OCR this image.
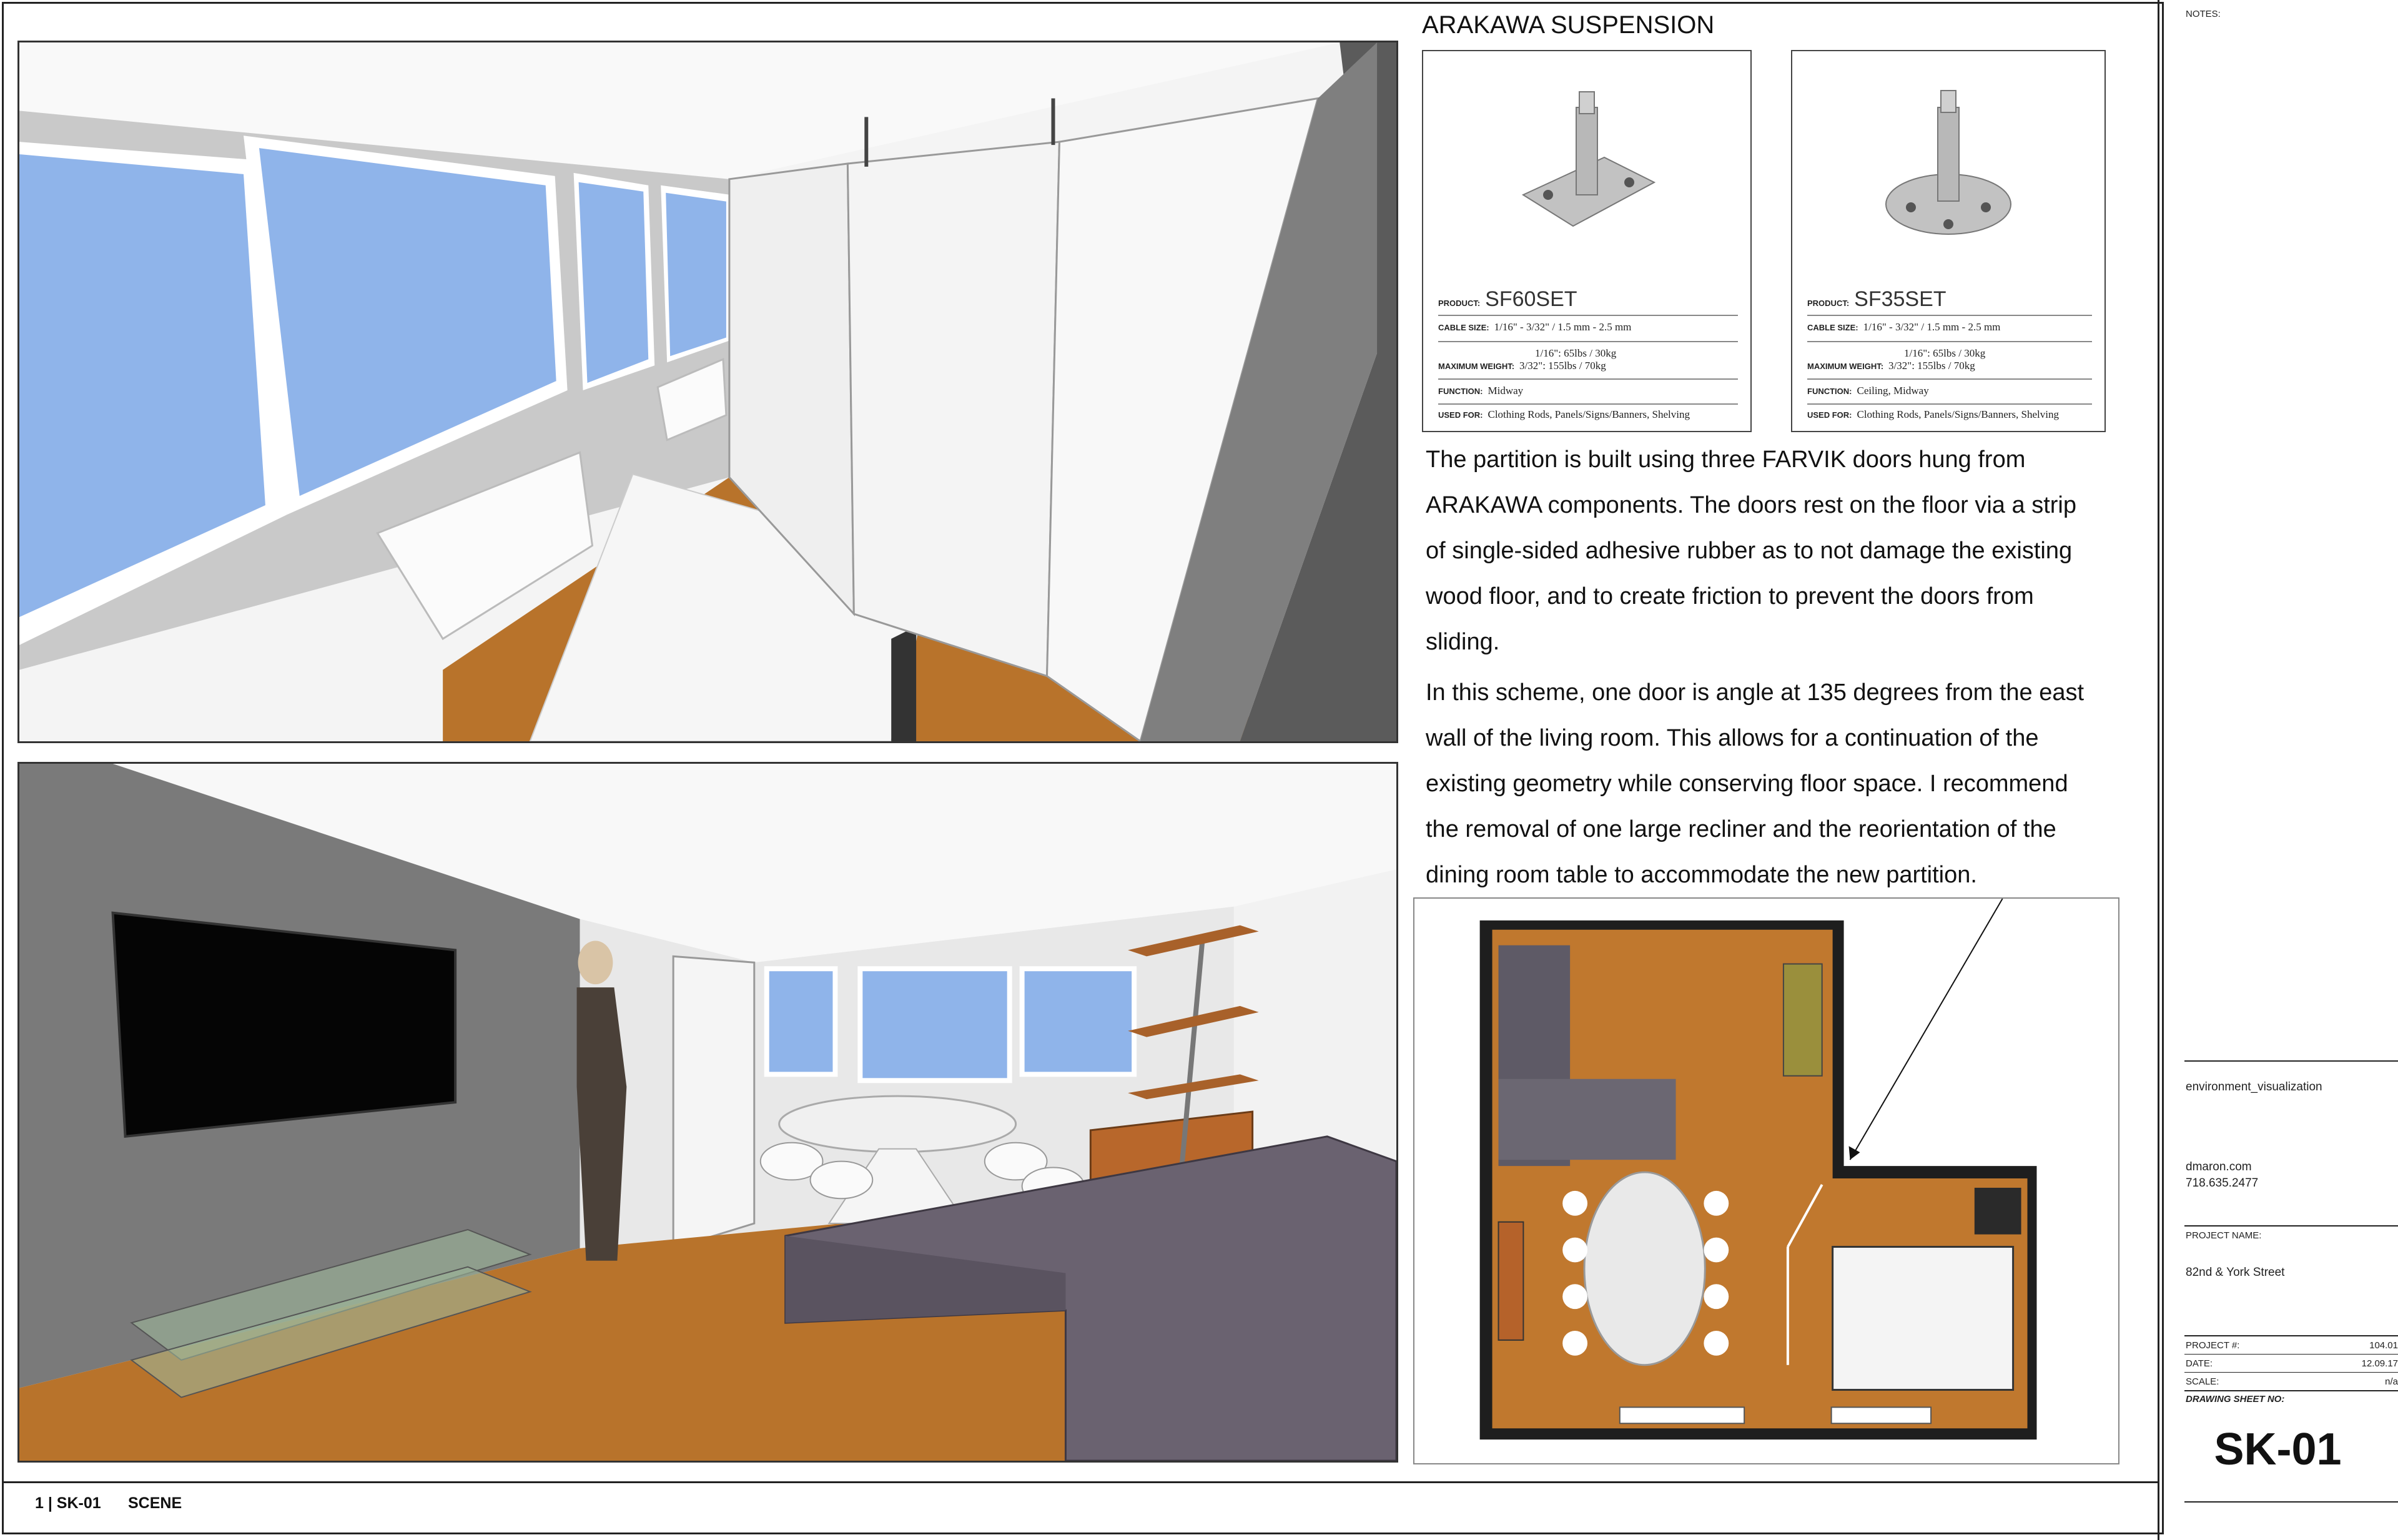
ARAKAWA SUSPENSION
PRODUCT: SF60SET
CABLE SIZE: 1/16" - 3/32" / 1.5 mm - 2.5 mm
1/16": 65lbs / 30kg
MAXIMUM WEIGHT: 3/32": 155lbs / 70kg
FUNCTION: Midway
USED FOR: Clothing Rods, Panels/Signs/Banners, Shelving
PRODUCT: SF35SET
CABLE SIZE: 1/16" - 3/32" / 1.5 mm - 2.5 mm
1/16": 65lbs / 30kg
MAXIMUM WEIGHT: 3/32": 155lbs / 70kg
FUNCTION: Ceiling, Midway
USED FOR: Clothing Rods, Panels/Signs/Banners, Shelving
The partition is built using three FARVIK doors hung from
ARAKAWA components. The doors rest on the floor via a strip
of single-sided adhesive rubber as to not damage the existing
wood floor, and to create friction to prevent the doors from
sliding.
In this scheme, one door is angle at 135 degrees from the east
wall of the living room. This allows for a continuation of the
existing geometry while conserving floor space. I recommend
the removal of one large recliner and the reorientation of the
dining room table to accommodate the new partition.
NOTES:
environment_visualization
dmaron.com
718.635.2477
PROJECT NAME:
82nd & York Street
PROJECT #:	104.01
DATE:	12.09.17
SCALE:	n/a
DRAWING SHEET NO:
SK-01
1 | SK-01 SCENE
